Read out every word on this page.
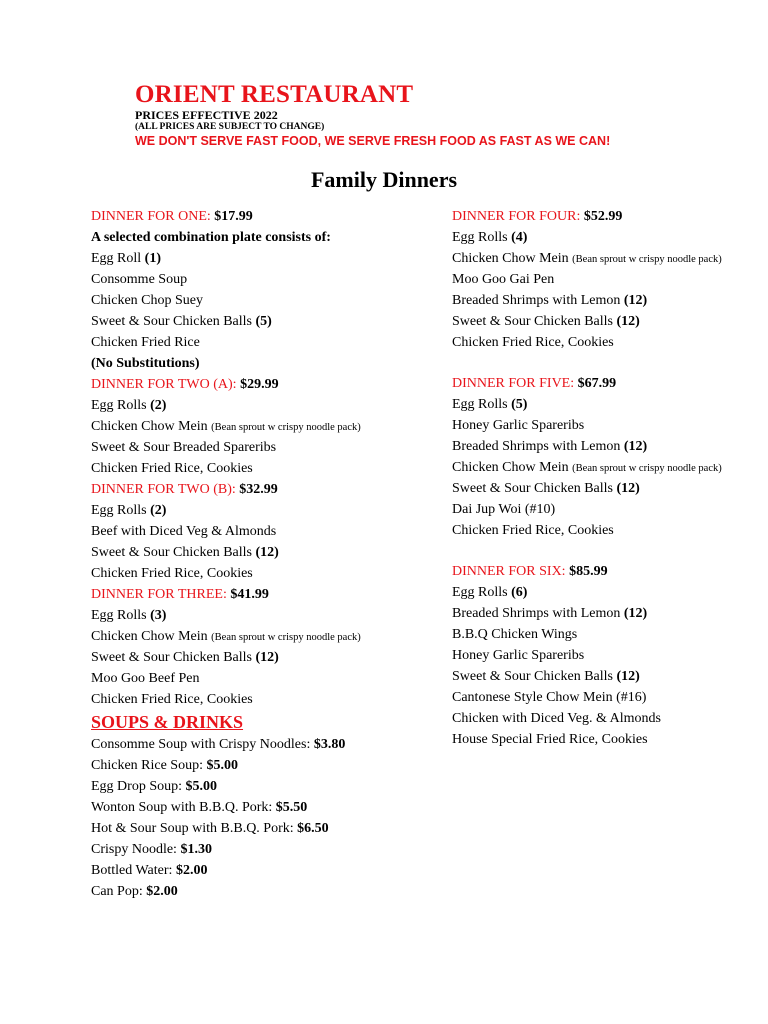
ORIENT RESTAURANT
PRICES EFFECTIVE 2022
(ALL PRICES ARE SUBJECT TO CHANGE)
WE DON'T SERVE FAST FOOD, WE SERVE FRESH FOOD AS FAST AS WE CAN!
Family Dinners
DINNER FOR ONE: $17.99
A selected combination plate consists of:
Egg Roll (1)
Consomme Soup
Chicken Chop Suey
Sweet & Sour Chicken Balls (5)
Chicken Fried Rice
(No Substitutions)
DINNER FOR TWO (A): $29.99
Egg Rolls (2)
Chicken Chow Mein (Bean sprout w crispy noodle pack)
Sweet & Sour Breaded Spareribs
Chicken Fried Rice, Cookies
DINNER FOR TWO (B): $32.99
Egg Rolls (2)
Beef with Diced Veg & Almonds
Sweet & Sour Chicken Balls (12)
Chicken Fried Rice, Cookies
DINNER FOR THREE: $41.99
Egg Rolls (3)
Chicken Chow Mein (Bean sprout w crispy noodle pack)
Sweet & Sour Chicken Balls (12)
Moo Goo Beef Pen
Chicken Fried Rice, Cookies
SOUPS & DRINKS
Consomme Soup with Crispy Noodles: $3.80
Chicken Rice Soup: $5.00
Egg Drop Soup: $5.00
Wonton Soup with B.B.Q. Pork: $5.50
Hot & Sour Soup with B.B.Q. Pork: $6.50
Crispy Noodle: $1.30
Bottled Water: $2.00
Can Pop: $2.00
DINNER FOR FOUR: $52.99
Egg Rolls (4)
Chicken Chow Mein (Bean sprout w crispy noodle pack)
Moo Goo Gai Pen
Breaded Shrimps with Lemon (12)
Sweet & Sour Chicken Balls (12)
Chicken Fried Rice, Cookies
DINNER FOR FIVE: $67.99
Egg Rolls (5)
Honey Garlic Spareribs
Breaded Shrimps with Lemon (12)
Chicken Chow Mein (Bean sprout w crispy noodle pack)
Sweet & Sour Chicken Balls (12)
Dai Jup Woi (#10)
Chicken Fried Rice, Cookies
DINNER FOR SIX: $85.99
Egg Rolls (6)
Breaded Shrimps with Lemon (12)
B.B.Q Chicken Wings
Honey Garlic Spareribs
Sweet & Sour Chicken Balls (12)
Cantonese Style Chow Mein (#16)
Chicken with Diced Veg. & Almonds
House Special Fried Rice, Cookies
